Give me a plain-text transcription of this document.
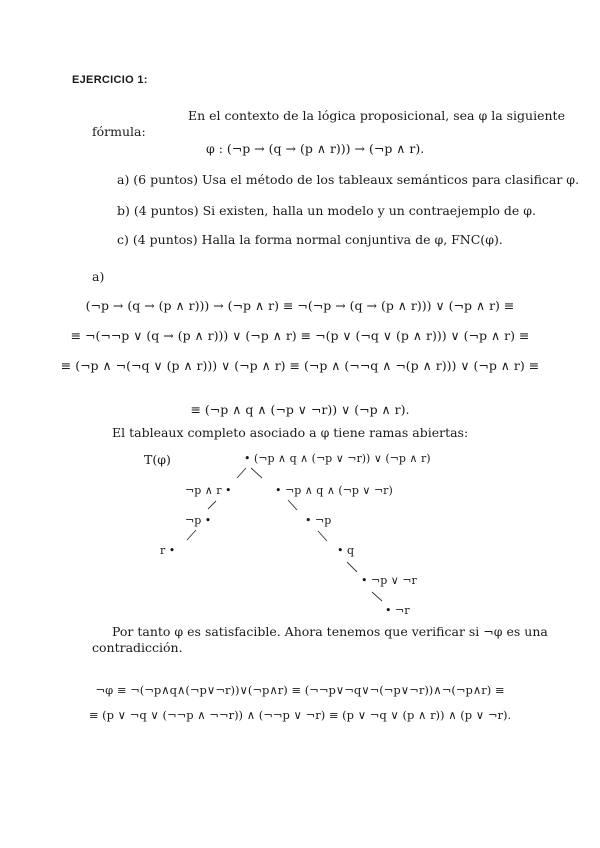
EJERCICIO 1:
En el contexto de la lógica proposicional, sea φ la siguiente
fórmula:
φ : (¬p → (q → (p ∧ r))) → (¬p ∧ r).
a) (6 puntos) Usa el método de los tableaux semánticos para clasificar φ.
b) (4 puntos) Si existen, halla un modelo y un contraejemplo de φ.
c) (4 puntos) Halla la forma normal conjuntiva de φ, FNC(φ).
a)
(¬p → (q → (p ∧ r))) → (¬p ∧ r) ≡ ¬(¬p → (q → (p ∧ r))) ∨ (¬p ∧ r) ≡
≡ ¬(¬¬p ∨ (q → (p ∧ r))) ∨ (¬p ∧ r) ≡ ¬(p ∨ (¬q ∨ (p ∧ r))) ∨ (¬p ∧ r) ≡
≡ (¬p ∧ ¬(¬q ∨ (p ∧ r))) ∨ (¬p ∧ r) ≡ (¬p ∧ (¬¬q ∧ ¬(p ∧ r))) ∨ (¬p ∧ r) ≡
≡ (¬p ∧ q ∧ (¬p ∨ ¬r)) ∨ (¬p ∧ r).
El tableaux completo asociado a φ tiene ramas abiertas:
T(φ)	• (¬p ∧ q ∧ (¬p ∨ ¬r)) ∨ (¬p ∧ r)
¬p ∧ r •
¬p •
r •
• ¬p ∧ q ∧ (¬p ∨ ¬r)
• ¬p
• q
• ¬p ∨ ¬r
• ¬r
Por tanto φ es satisfacible. Ahora tenemos que verificar si ¬φ es una
contradicción.
¬φ ≡ ¬(¬p∧q∧(¬p∨¬r))∨(¬p∧r) ≡ (¬¬p∨¬q∨¬(¬p∨¬r))∧¬(¬p∧r) ≡
≡ (p ∨ ¬q ∨ (¬¬p ∧ ¬¬r)) ∧ (¬¬p ∨ ¬r) ≡ (p ∨ ¬q ∨ (p ∧ r)) ∧ (p ∨ ¬r).
